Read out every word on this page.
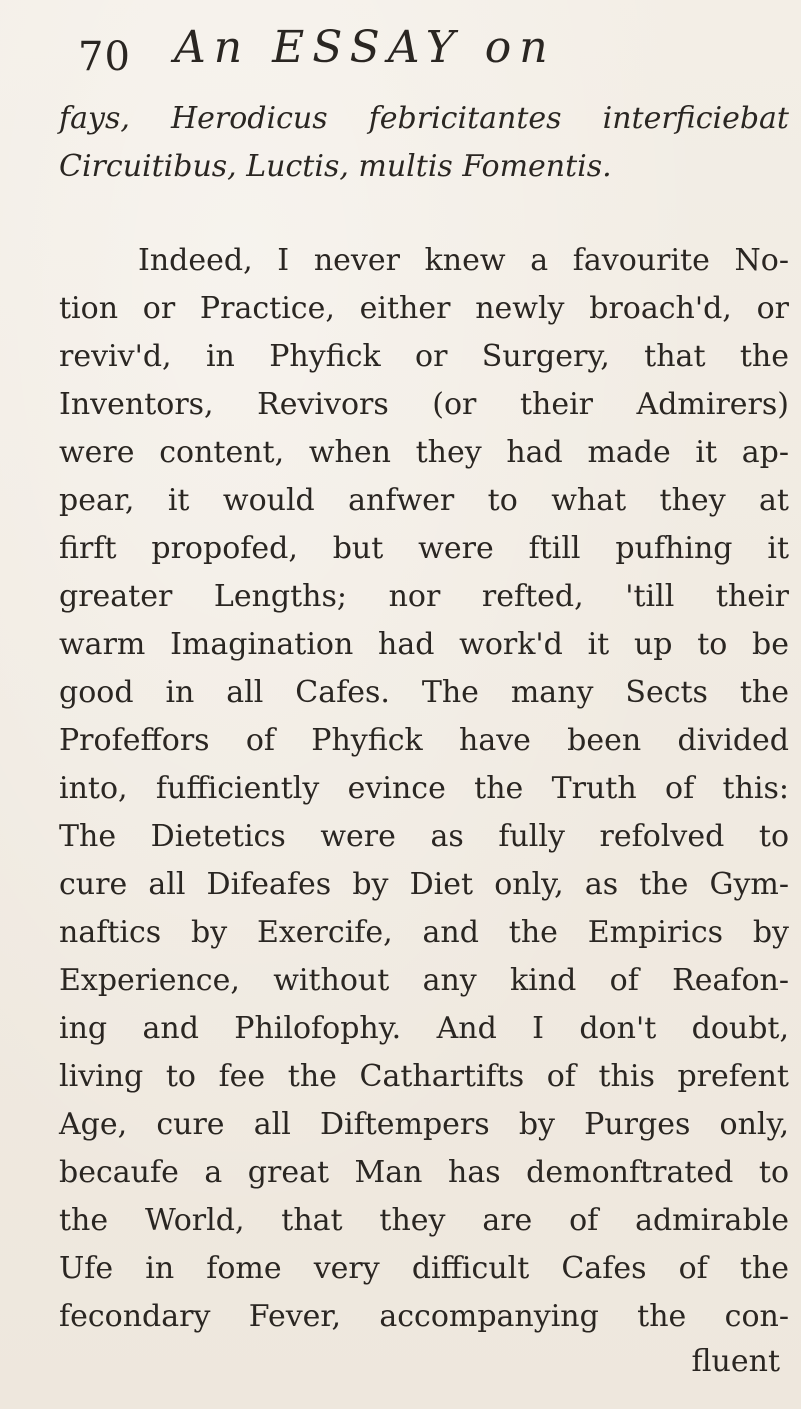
70 An ESSAY on
fays, Herodicus febricitantes interficiebat
Circuitibus, Luctis, multis Fomentis.
Indeed, I never knew a favourite No-
tion or Practice, either newly broach'd, or
reviv'd, in Phyfick or Surgery, that the
Inventors, Revivors (or their Admirers)
were content, when they had made it ap-
pear, it would anfwer to what they at
firft propofed, but were ftill pufhing it
greater Lengths; nor refted, 'till their
warm Imagination had work'd it up to be
good in all Cafes. The many Sects the
Profeffors of Phyfick have been divided
into, fufficiently evince the Truth of this:
The Dietetics were as fully refolved to
cure all Difeafes by Diet only, as the Gym-
naftics by Exercife, and the Empirics by
Experience, without any kind of Reafon-
ing and Philofophy. And I don't doubt,
living to fee the Cathartifts of this prefent
Age, cure all Diftempers by Purges only,
becaufe a great Man has demonftrated to
the World, that they are of admirable
Ufe in fome very difficult Cafes of the
fecondary Fever, accompanying the con-
fluent
